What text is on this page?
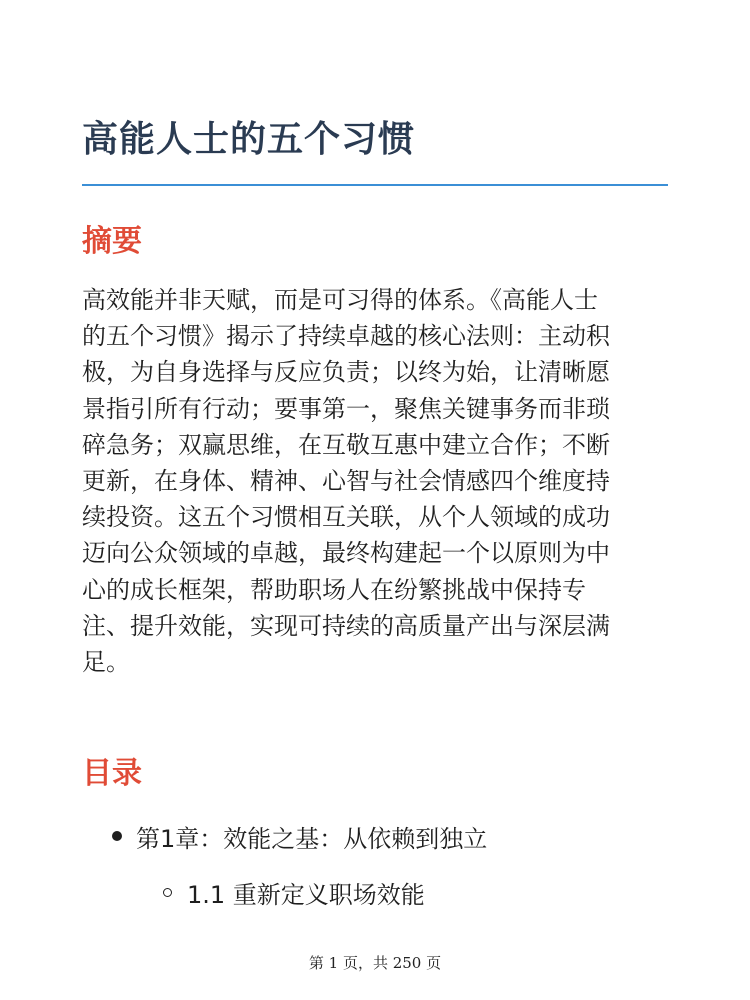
高能人士的五个习惯
摘要

高效能并非天赋，而是可习得的体系。《高能人士
的五个习惯》揭示了持续卓越的核心法则：主动积
极，为自身选择与反应负责；以终为始，让清晰愿
景指引所有行动；要事第一，聚焦关键事务而非琐
碎急务；双赢思维，在互敬互惠中建立合作；不断
更新，在身体、精神、心智与社会情感四个维度持
续投资。这五个习惯相互关联，从个人领域的成功
迈向公众领域的卓越，最终构建起一个以原则为中
心的成长框架，帮助职场人在纷繁挑战中保持专
注、提升效能，实现可持续的高质量产出与深层满
足。

目录
第1章：效能之基：从依赖到独立
1.1 重新定义职场效能
第 1 页，共 250 页
